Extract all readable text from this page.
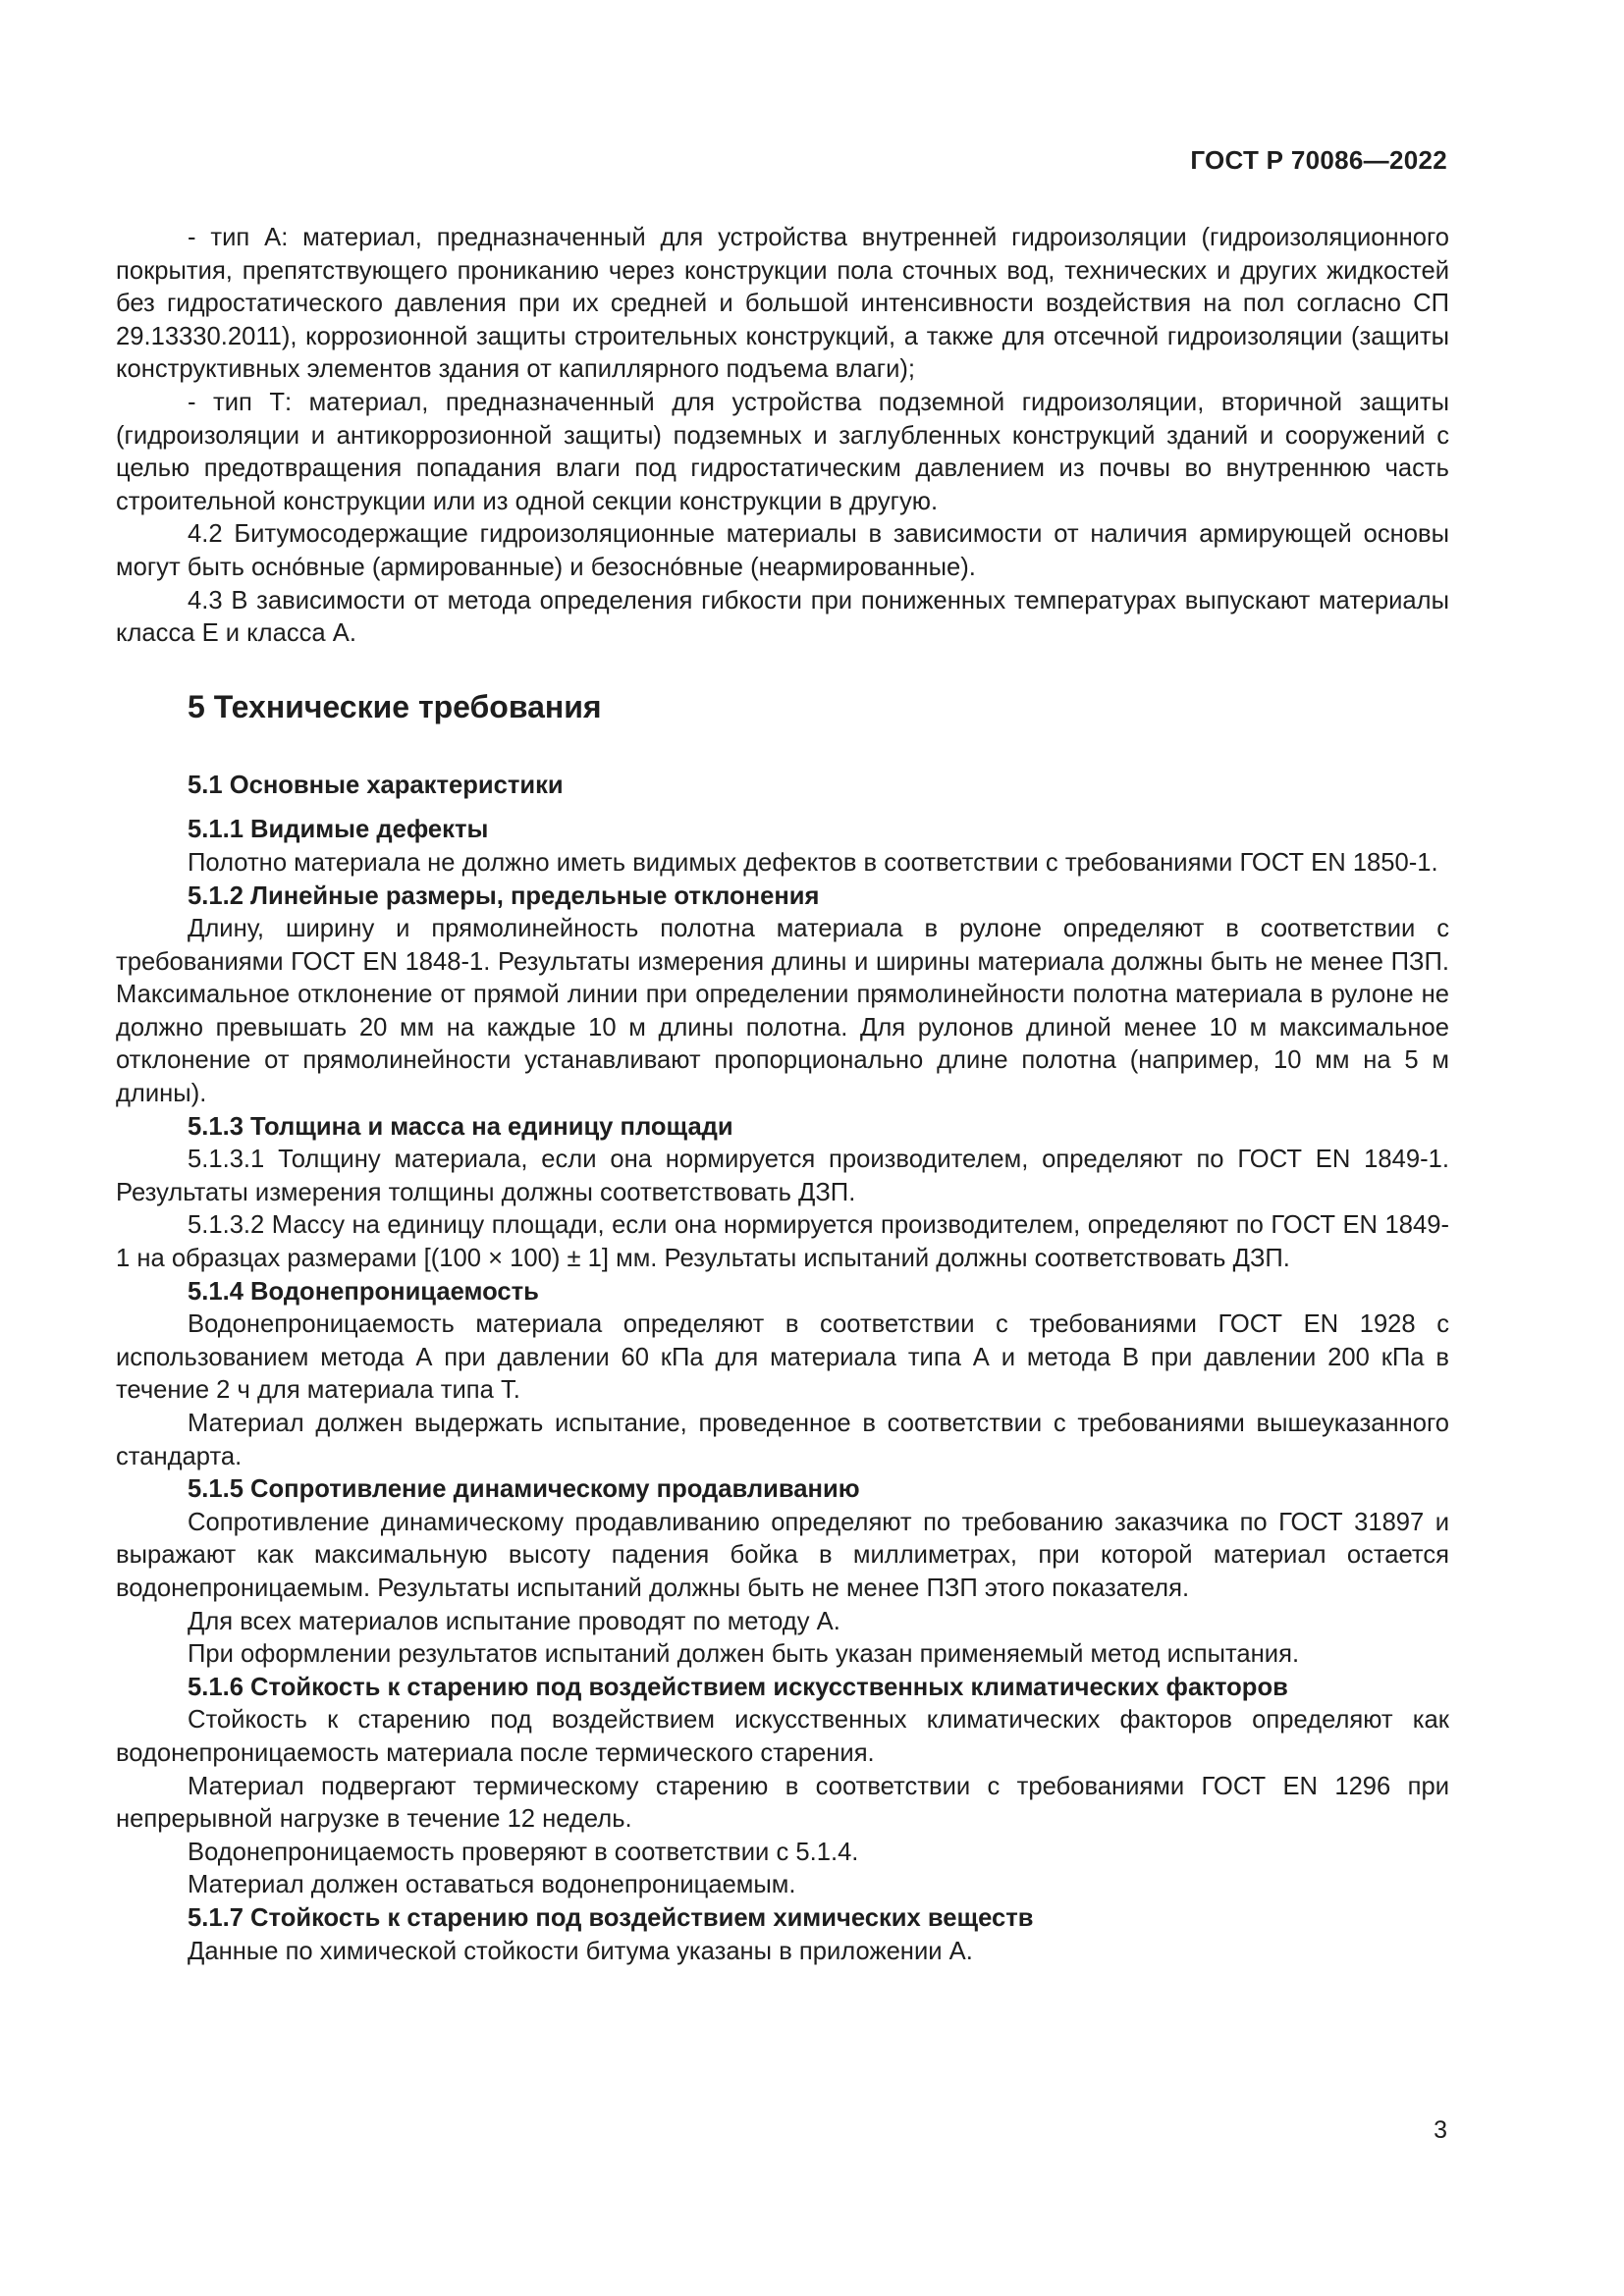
ГОСТ Р 70086—2022

- тип А: материал, предназначенный для устройства внутренней гидроизоляции (гидроизоляционного покрытия, препятствующего прониканию через конструкции пола сточных вод, технических и других жидкостей без гидростатического давления при их средней и большой интенсивности воздействия на пол согласно СП 29.13330.2011), коррозионной защиты строительных конструкций, а также для отсечной гидроизоляции (защиты конструктивных элементов здания от капиллярного подъема влаги);

- тип Т: материал, предназначенный для устройства подземной гидроизоляции, вторичной защиты (гидроизоляции и антикоррозионной защиты) подземных и заглубленных конструкций зданий и сооружений с целью предотвращения попадания влаги под гидростатическим давлением из почвы во внутреннюю часть строительной конструкции или из одной секции конструкции в другую.

4.2 Битумосодержащие гидроизоляционные материалы в зависимости от наличия армирующей основы могут быть осно́вные (армированные) и безосно́вные (неармированные).

4.3 В зависимости от метода определения гибкости при пониженных температурах выпускают материалы класса Е и класса А.

5 Технические требования
5.1 Основные характеристики
5.1.1 Видимые дефекты

Полотно материала не должно иметь видимых дефектов в соответствии с требованиями ГОСТ EN 1850-1.

5.1.2 Линейные размеры, предельные отклонения

Длину, ширину и прямолинейность полотна материала в рулоне определяют в соответствии с требованиями ГОСТ EN 1848-1. Результаты измерения длины и ширины материала должны быть не менее ПЗП. Максимальное отклонение от прямой линии при определении прямолинейности полотна материала в рулоне не должно превышать 20 мм на каждые 10 м длины полотна. Для рулонов длиной менее 10 м максимальное отклонение от прямолинейности устанавливают пропорционально длине полотна (например, 10 мм на 5 м длины).

5.1.3 Толщина и масса на единицу площади

5.1.3.1 Толщину материала, если она нормируется производителем, определяют по ГОСТ EN 1849-1. Результаты измерения толщины должны соответствовать ДЗП.

5.1.3.2 Массу на единицу площади, если она нормируется производителем, определяют по ГОСТ EN 1849-1 на образцах размерами [(100 × 100) ± 1] мм. Результаты испытаний должны соответствовать ДЗП.

5.1.4 Водонепроницаемость

Водонепроницаемость материала определяют в соответствии с требованиями ГОСТ EN 1928 с использованием метода А при давлении 60 кПа для материала типа А и метода В при давлении 200 кПа в течение 2 ч для материала типа Т.

Материал должен выдержать испытание, проведенное в соответствии с требованиями вышеуказанного стандарта.

5.1.5 Сопротивление динамическому продавливанию

Сопротивление динамическому продавливанию определяют по требованию заказчика по ГОСТ 31897 и выражают как максимальную высоту падения бойка в миллиметрах, при которой материал остается водонепроницаемым. Результаты испытаний должны быть не менее ПЗП этого показателя.

Для всех материалов испытание проводят по методу А.

При оформлении результатов испытаний должен быть указан применяемый метод испытания.

5.1.6 Стойкость к старению под воздействием искусственных климатических факторов

Стойкость к старению под воздействием искусственных климатических факторов определяют как водонепроницаемость материала после термического старения.

Материал подвергают термическому старению в соответствии с требованиями ГОСТ EN 1296 при непрерывной нагрузке в течение 12 недель.

Водонепроницаемость проверяют в соответствии с 5.1.4.

Материал должен оставаться водонепроницаемым.

5.1.7 Стойкость к старению под воздействием химических веществ

Данные по химической стойкости битума указаны в приложении А.

3
